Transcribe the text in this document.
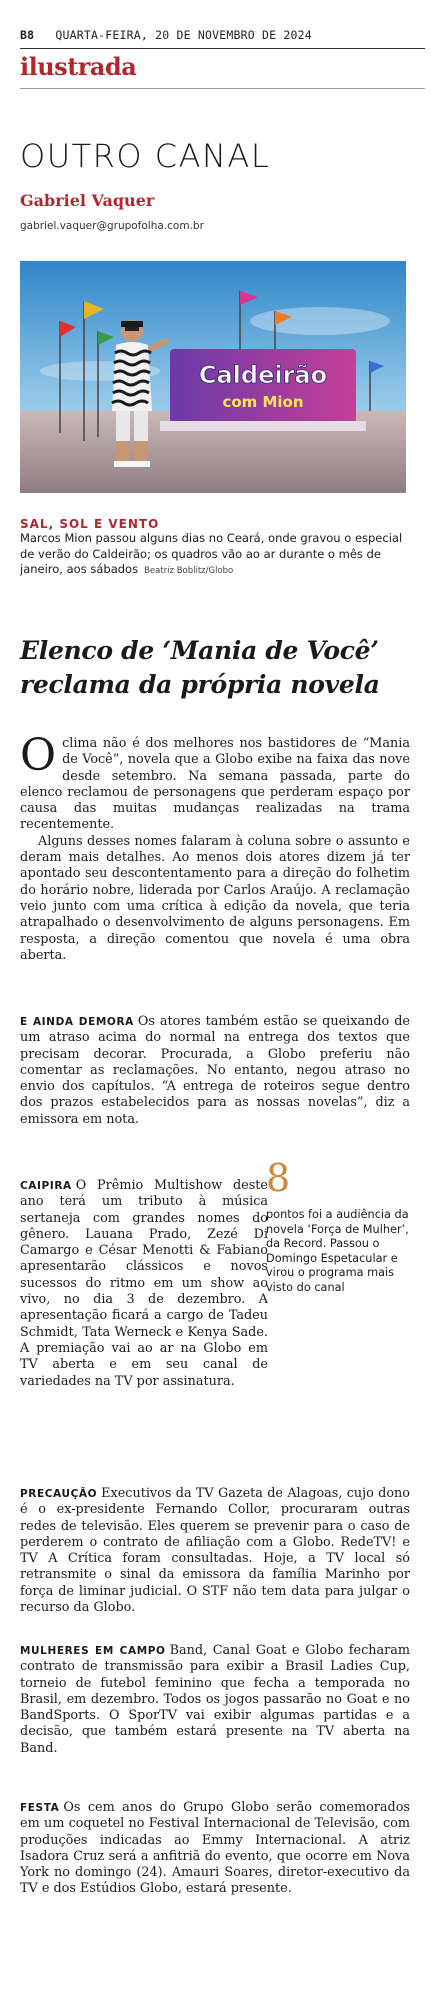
B8 QUARTA-FEIRA, 20 DE NOVEMBRO DE 2024
ilustrada
OUTRO CANAL
Gabriel Vaquer
gabriel.vaquer@grupofolha.com.br
Caldeirão
com Mion
SAL, SOL E VENTO
Marcos Mion passou alguns dias no Ceará, onde gravou o especial de verão do Caldeirão; os quadros vão ao ar durante o mês de janeiro, aos sábados Beatriz Boblitz/Globo
Elenco de ‘Mania de Você’ reclama da própria novela

Oclima não é dos melhores nos bastidores de “Mania de Você”, novela que a Globo exibe na faixa das nove desde setembro. Na semana passada, parte do elenco reclamou de personagens que perderam espaço por causa das muitas mudanças realizadas na trama recentemente.

Alguns desses nomes falaram à coluna sobre o assunto e deram mais detalhes. Ao menos dois atores dizem já ter apontado seu descontentamento para a direção do folhetim do horário nobre, liderada por Carlos Araújo. A reclamação veio junto com uma crítica à edição da novela, que teria atrapalhado o desenvolvimento de alguns personagens. Em resposta, a direção comentou que novela é uma obra aberta.

E AINDA DEMORA Os atores também estão se queixando de um atraso acima do normal na entrega dos textos que precisam decorar. Procurada, a Globo preferiu não comentar as reclamações. No entanto, negou atraso no envio dos capítulos. “A entrega de roteiros segue dentro dos prazos estabelecidos para as nossas novelas”, diz a emissora em nota.
CAIPIRA O Prêmio Multishow deste ano terá um tributo à música sertaneja com grandes nomes do gênero. Lauana Prado, Zezé Di Camargo e César Menotti & Fabiano apresentarão clássicos e novos sucessos do ritmo em um show ao vivo, no dia 3 de dezembro. A apresentação ficará a cargo de Tadeu Schmidt, Tata Werneck e Kenya Sade. A premiação vai ao ar na Globo em TV aberta e em seu canal de variedades na TV por assinatura.
8
pontos foi a audiência da novela ‘Força de Mulher’, da Record. Passou o Domingo Espetacular e virou o programa mais visto do canal
PRECAUÇÃO Executivos da TV Gazeta de Alagoas, cujo dono é o ex-presidente Fernando Collor, procuraram outras redes de televisão. Eles querem se prevenir para o caso de perderem o contrato de afiliação com a Globo. RedeTV! e TV A Crítica foram consultadas. Hoje, a TV local só retransmite o sinal da emissora da família Marinho por força de liminar judicial. O STF não tem data para julgar o recurso da Globo.
MULHERES EM CAMPO Band, Canal Goat e Globo fecharam contrato de transmissão para exibir a Brasil Ladies Cup, torneio de futebol feminino que fecha a temporada no Brasil, em dezembro. Todos os jogos passarão no Goat e no BandSports. O SporTV vai exibir algumas partidas e a decisão, que também estará presente na TV aberta na Band.
FESTA Os cem anos do Grupo Globo serão comemorados em um coquetel no Festival Internacional de Televisão, com produções indicadas ao Emmy Internacional. A atriz Isadora Cruz será a anfitriã do evento, que ocorre em Nova York no domingo (24). Amauri Soares, diretor-executivo da TV e dos Estúdios Globo, estará presente.
